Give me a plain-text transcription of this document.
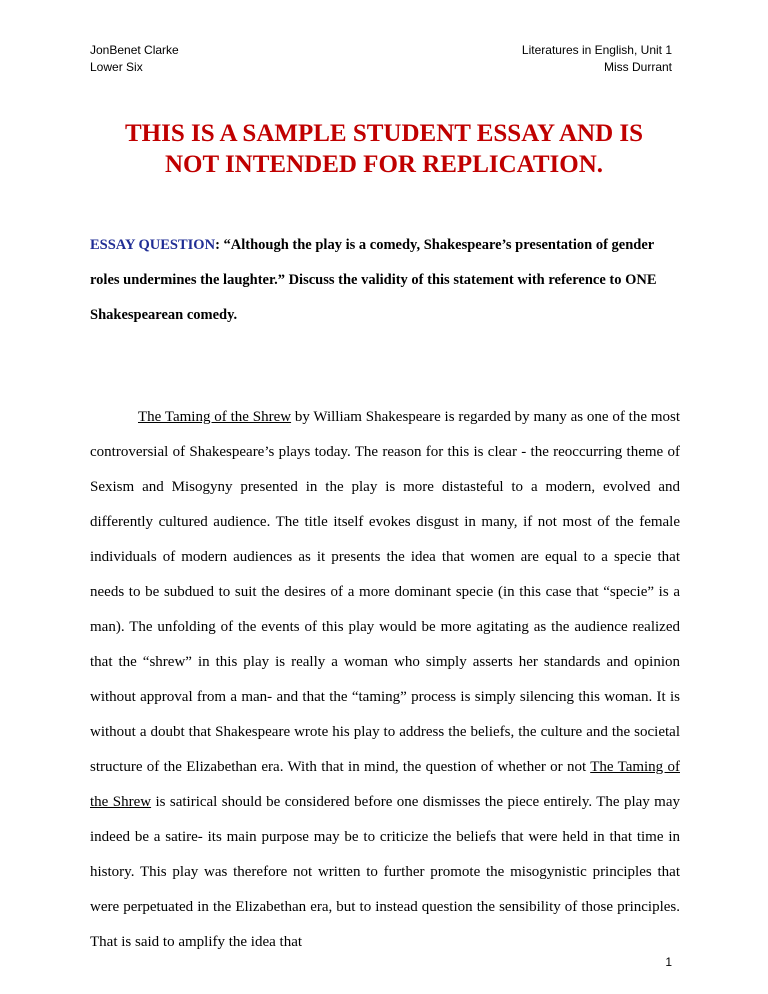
JonBenet Clarke
Lower Six
Literatures in English, Unit 1
Miss Durrant
THIS IS A SAMPLE STUDENT ESSAY AND IS
NOT INTENDED FOR REPLICATION.

ESSAY QUESTION: “Although the play is a comedy, Shakespeare’s presentation of gender roles undermines the laughter.” Discuss the validity of this statement with reference to ONE Shakespearean comedy.

The Taming of the Shrew by William Shakespeare is regarded by many as one of the most controversial of Shakespeare’s plays today. The reason for this is clear - the reoccurring theme of Sexism and Misogyny presented in the play is more distasteful to a modern, evolved and differently cultured audience. The title itself evokes disgust in many, if not most of the female individuals of modern audiences as it presents the idea that women are equal to a specie that needs to be subdued to suit the desires of a more dominant specie (in this case that “specie” is a man). The unfolding of the events of this play would be more agitating as the audience realized that the “shrew” in this play is really a woman who simply asserts her standards and opinion without approval from a man- and that the “taming” process is simply silencing this woman. It is without a doubt that Shakespeare wrote his play to address the beliefs, the culture and the societal structure of the Elizabethan era. With that in mind, the question of whether or not The Taming of the Shrew is satirical should be considered before one dismisses the piece entirely. The play may indeed be a satire- its main purpose may be to criticize the beliefs that were held in that time in history. This play was therefore not written to further promote the misogynistic principles that were perpetuated in the Elizabethan era, but to instead question the sensibility of those principles. That is said to amplify the idea that

1
